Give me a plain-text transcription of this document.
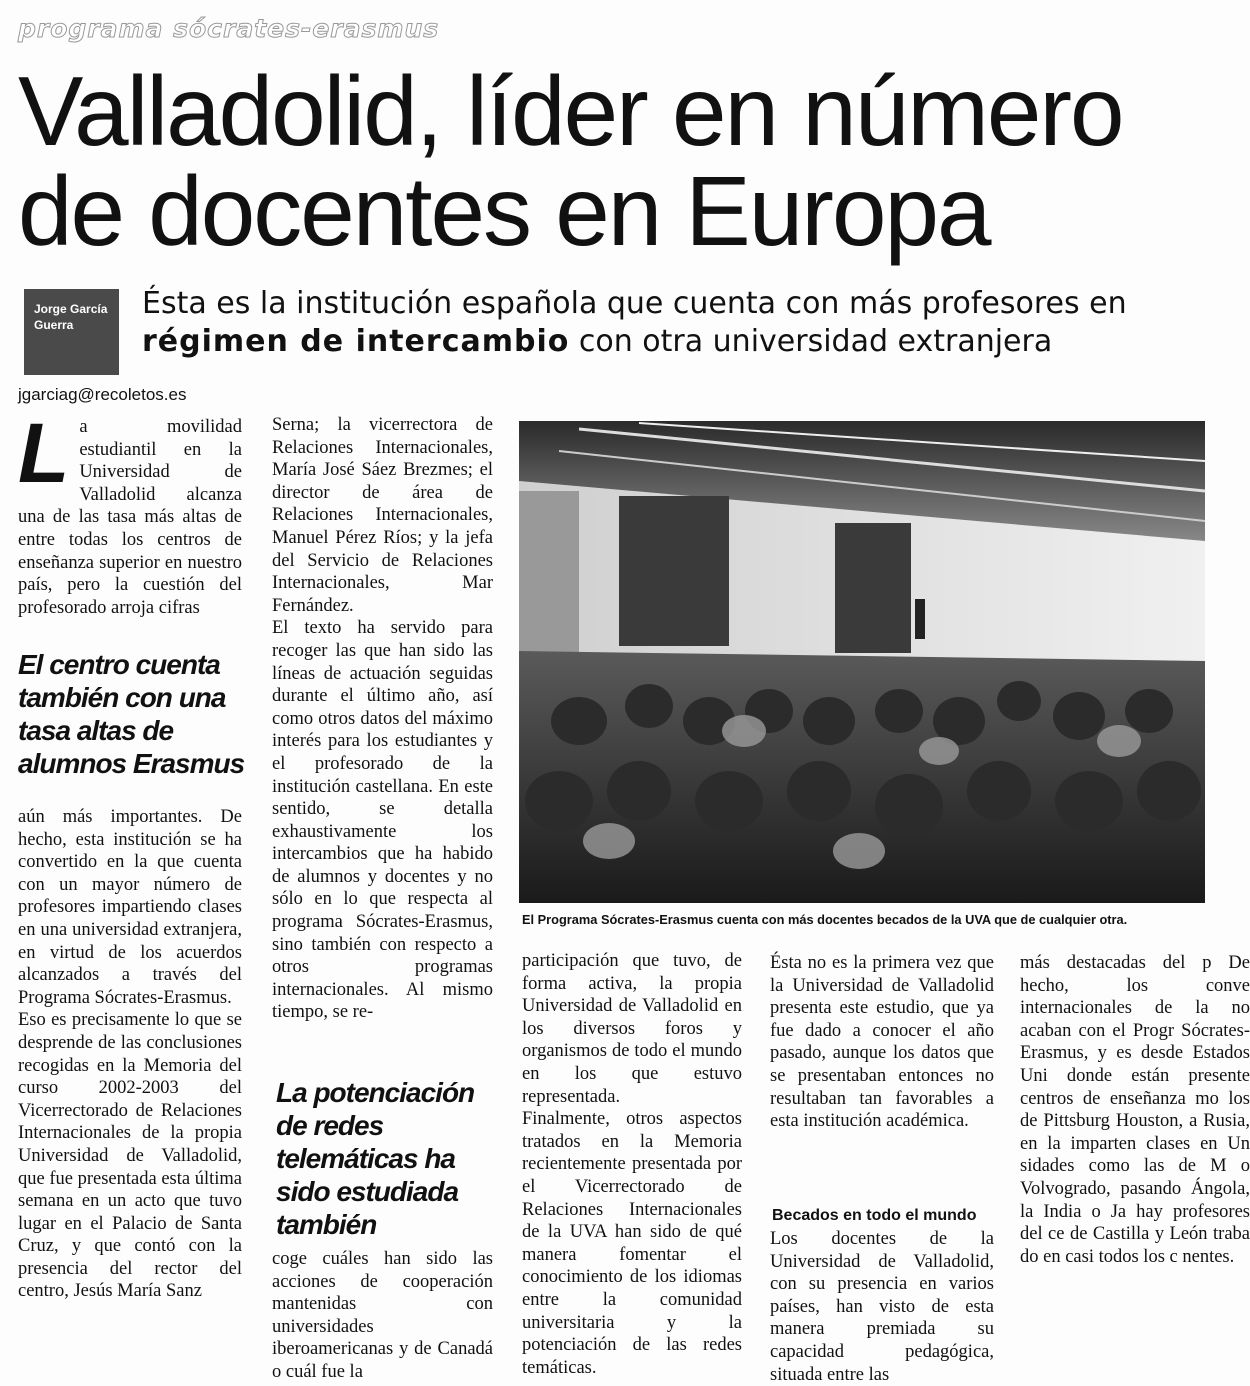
programa sócrates-erasmus
Valladolid, líder en número
de docentes en Europa
Jorge García
Guerra
Ésta es la institución española que cuenta con más profesores en
régimen de intercambio con otra universidad extranjera
jgarciag@recoletos.es

La movilidad estudiantil en la Universidad de Valladolid alcanza una de las tasa más altas de entre todas los centros de enseñanza superior en nuestro país, pero la cuestión del profesorado arroja cifras

El centro cuenta también con una tasa altas de alumnos Erasmus

aún más importantes. De hecho, esta institución se ha convertido en la que cuenta con un mayor número de profesores impartiendo clases en una universidad extranjera, en virtud de los acuerdos alcanzados a través del Programa Sócrates-Erasmus.

Eso es precisamente lo que se desprende de las conclusiones recogidas en la Memoria del curso 2002-2003 del Vicerrectorado de Relaciones Internacionales de la propia Universidad de Valladolid, que fue presentada esta última semana en un acto que tuvo lugar en el Palacio de Santa Cruz, y que contó con la presencia del rector del centro, Jesús María Sanz

Serna; la vicerrectora de Relaciones Internacionales, María José Sáez Brezmes; el director de área de Relaciones Internacionales, Manuel Pérez Ríos; y la jefa del Servicio de Relaciones Internacionales, Mar Fernández.

El texto ha servido para recoger las que han sido las líneas de actuación seguidas durante el último año, así como otros datos del máximo interés para los estudiantes y el profesorado de la institución castellana. En este sentido, se detalla exhaustivamente los intercambios que ha habido de alumnos y docentes y no sólo en lo que respecta al programa Sócrates-Erasmus, sino también con respecto a otros programas internacionales. Al mismo tiempo, se re-

La potenciación de redes telemáticas ha sido estudiada también

coge cuáles han sido las acciones de cooperación mantenidas con universidades iberoamericanas y de Canadá o cuál fue la

El Programa Sócrates-Erasmus cuenta con más docentes becados de la UVA que de cualquier otra.

participación que tuvo, de forma activa, la propia Universidad de Valladolid en los diversos foros y organismos de todo el mundo en los que estuvo representada.

Finalmente, otros aspectos tratados en la Memoria recientemente presentada por el Vicerrectorado de Relaciones Internacionales de la UVA han sido de qué manera fomentar el conocimiento de los idiomas entre la comunidad universitaria y la potenciación de las redes temáticas.

Ésta no es la primera vez que la Universidad de Valladolid presenta este estudio, que ya fue dado a conocer el año pasado, aunque los datos que se presentaban entonces no resultaban tan favorables a esta institución académica.

Becados en todo el mundo

Los docentes de la Universidad de Valladolid, con su presencia en varios países, han visto de esta manera premiada su capacidad pedagógica, situada entre las

más destacadas del p De hecho, los conve internacionales de la no acaban con el Progr Sócrates-Erasmus, y es desde Estados Uni donde están presente centros de enseñanza mo los de Pittsburg Houston, a Rusia, en la imparten clases en Un sidades como las de M o Volvogrado, pasando Ángola, la India o Ja hay profesores del ce de Castilla y León traba do en casi todos los c nentes.
